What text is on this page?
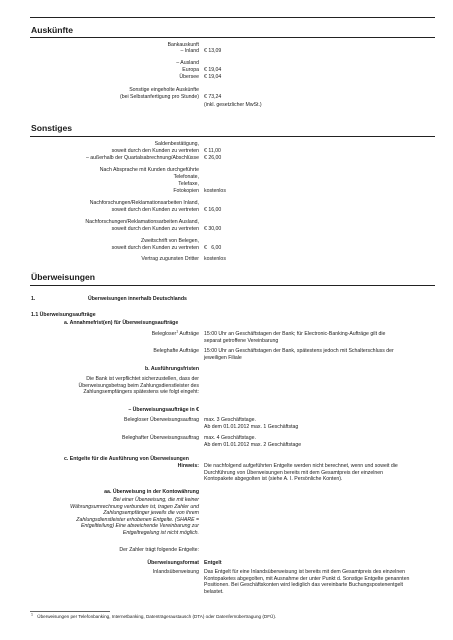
Auskünfte
Bankauskunft
– Inland € 13,09
– Ausland
Europa € 19,04
Übersee € 19,04
Sonstige eingeholte Auskünfte
(bei Selbstanfertigung pro Stunde) € 73,24
(inkl. gesetzlicher MwSt.)
Sonstiges
Saldenbestätigung,
soweit durch den Kunden zu vertreten € 11,00
– außerhalb der Quartalsabrechnung/Abschlüsse € 26,00
Nach Absprache mit Kunden durchgeführte
Telefonate,
Telefaxe,
Fotokopien kostenlos
Nachforschungen/Reklamationsarbeiten Inland,
soweit durch den Kunden zu vertreten € 16,00
Nachforschungen/Reklamationsarbeiten Ausland,
soweit durch den Kunden zu vertreten € 30,00
Zweitschrift von Belegen,
soweit durch den Kunden zu vertreten €   6,00
Vertrag zugunsten Dritter kostenlos
Überweisungen
1.	Überweisungen innerhalb Deutschlands
1.1 Überweisungsaufträge
a. Annahmefrist(en) für Überweisungsaufträge
Belegloser$^1$ Aufträge 15:00 Uhr an Geschäftstagen der Bank; für Electronic-Banking-Aufträge gilt die separat getroffene Vereinbarung
Beleghafte Aufträge 15:00 Uhr an Geschäftstagen der Bank, spätestens jedoch mit Schalterschluss der jeweiligen Filiale
b. Ausführungsfristen
Die Bank ist verpflichtet sicherzustellen, dass der Überweisungsbetrag beim Zahlungsdienstleister des Zahlungsempfängers spätestens wie folgt eingeht:
– Überweisungsaufträge in €
Belegloser Überweisungsauftrag max. 3 Geschäftstage.
Ab dem 01.01.2012 max. 1 Geschäftstag
Beleghafter Überweisungsauftrag max. 4 Geschäftstage.
Ab dem 01.01.2012 max. 2 Geschäftstage
c. Entgelte für die Ausführung von Überweisungen
Hinweis: Die nachfolgend aufgeführten Entgelte werden nicht berechnet, wenn und soweit die Durchführung von Überweisungen bereits mit dem Gesamtpreis der einzelnen Kontopakete abgegolten ist (siehe A. I. Persönliche Konten).
aa. Überweisung in der Kontowährung
Bei einer Überweisung, die mit keiner Währungsumrechnung verbunden ist, tragen Zahler und Zahlungsempfänger jeweils die von ihrem Zahlungsdienstleister erhobenen Entgelte. (SHARE = Entgeltteilung) Eine abweichende Vereinbarung zur Entgeltregelung ist nicht möglich.
Der Zahler trägt folgende Entgelte:
Überweisungsformat Entgelt
Inlandsüberweisung Das Entgelt für eine Inlandsüberweisung ist bereits mit dem Gesamtpreis des einzelnen Kontopaketes abgegolten, mit Ausnahme der unter Punkt d. Sonstige Entgelte genannten Positionen. Bei Geschäftskonten wird lediglich das vereinbarte Buchungspostenentgelt belastet.
$^1$ Überweisungen per Telefonbanking, Internetbanking, Datenträgeraustausch (DTA) oder Datenfernübertragung (DFÜ).
